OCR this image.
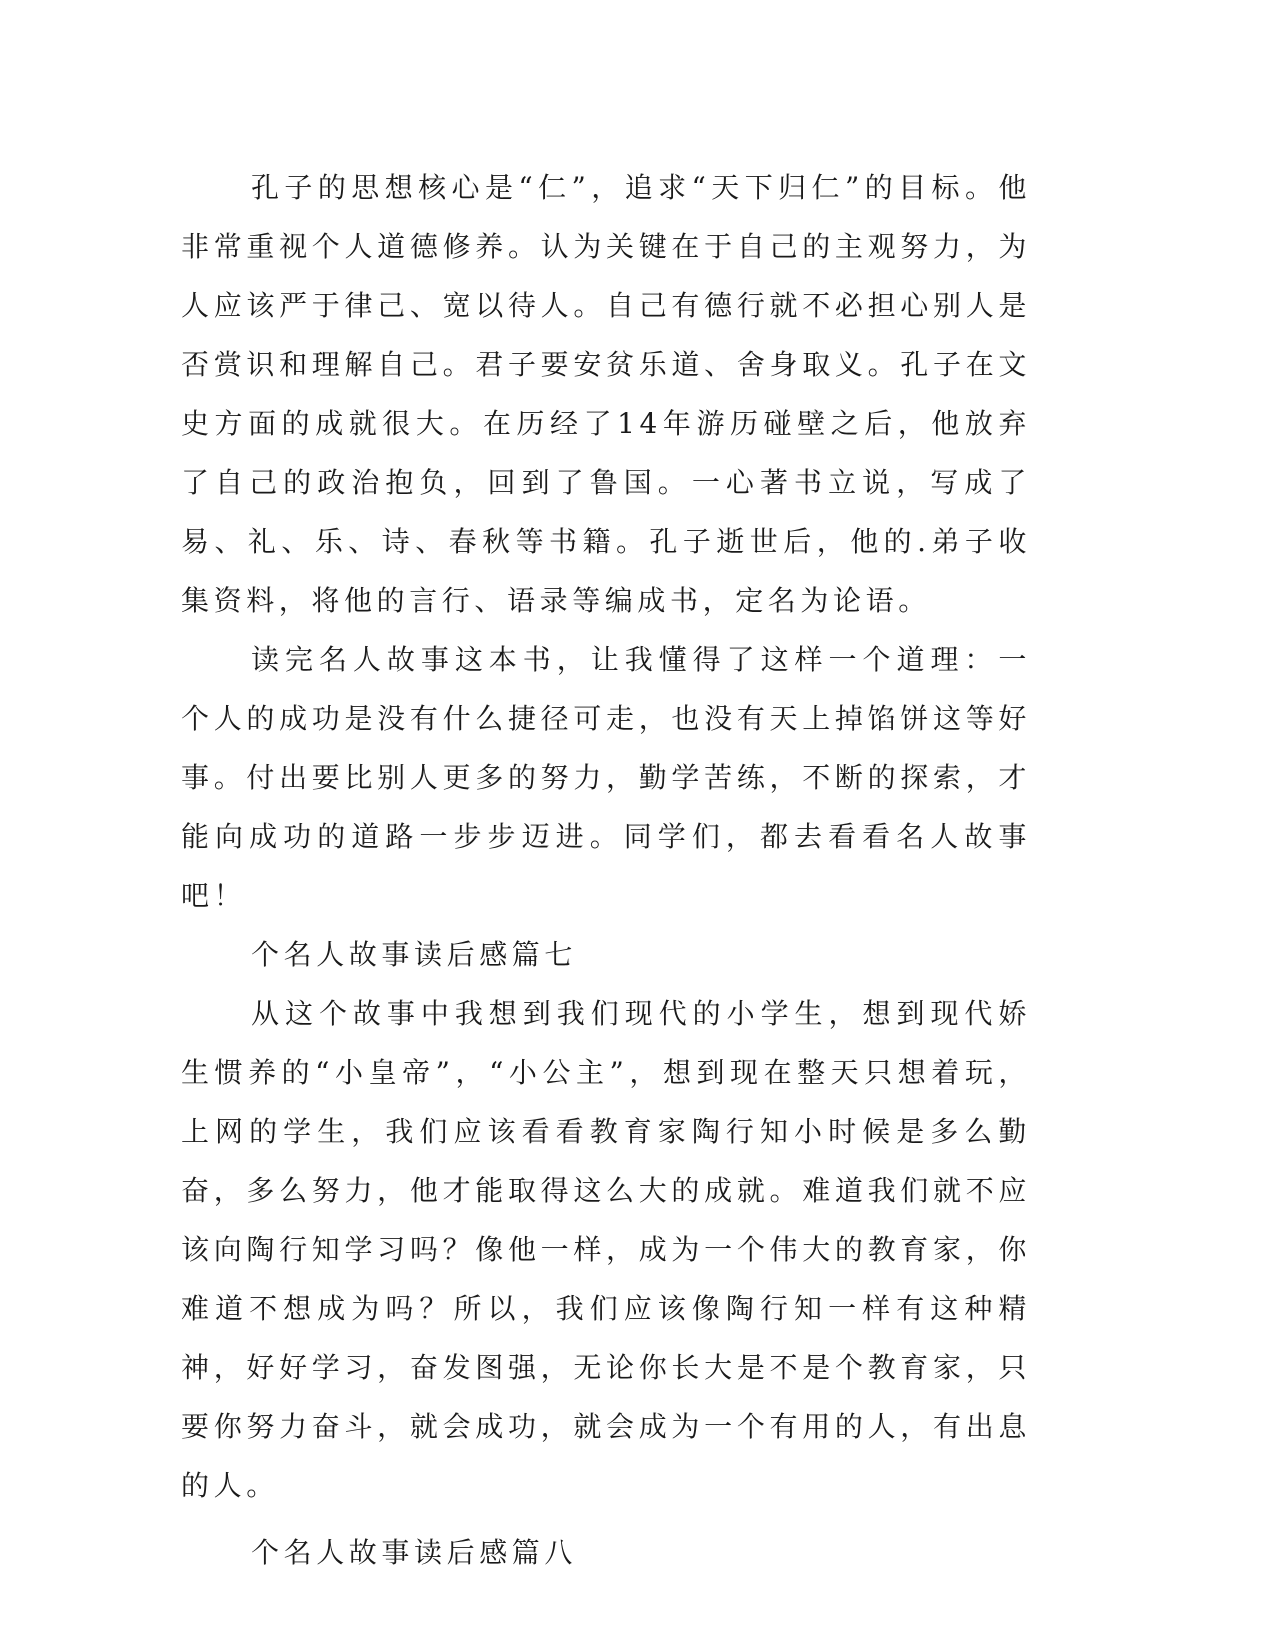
孔子的思想核心是“仁”，追求“天下归仁”的目标。他非常重视个人道德修养。认为关键在于自己的主观努力，为人应该严于律己、宽以待人。自己有德行就不必担心别人是否赏识和理解自己。君子要安贫乐道、舍身取义。孔子在文史方面的成就很大。在历经了14年游历碰壁之后，他放弃了自己的政治抱负，回到了鲁国。一心著书立说，写成了易、礼、乐、诗、春秋等书籍。孔子逝世后，他的.弟子收集资料，将他的言行、语录等编成书，定名为论语。

读完名人故事这本书，让我懂得了这样一个道理：一个人的成功是没有什么捷径可走，也没有天上掉馅饼这等好事。付出要比别人更多的努力，勤学苦练，不断的探索，才能向成功的道路一步步迈进。同学们，都去看看名人故事吧！

个名人故事读后感篇七

从这个故事中我想到我们现代的小学生，想到现代娇生惯养的“小皇帝”，“小公主”，想到现在整天只想着玩，上网的学生，我们应该看看教育家陶行知小时候是多么勤奋，多么努力，他才能取得这么大的成就。难道我们就不应该向陶行知学习吗？像他一样，成为一个伟大的教育家，你难道不想成为吗？所以，我们应该像陶行知一样有这种精神，好好学习，奋发图强，无论你长大是不是个教育家，只要你努力奋斗，就会成功，就会成为一个有用的人，有出息的人。

个名人故事读后感篇八
